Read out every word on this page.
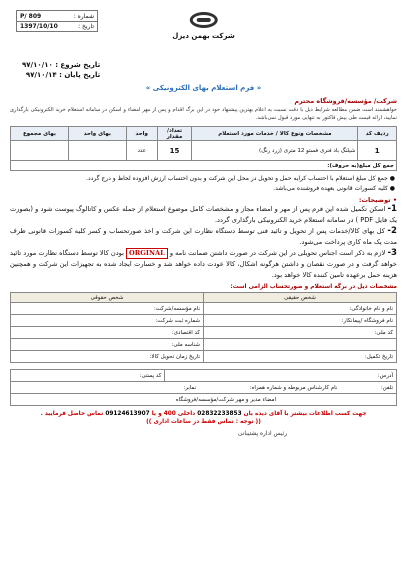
شماره :
P/ 809
تاریخ :
1397/10/10
شرکت بهمن دیزل
تاریخ شروع : ۹۷/۱۰/۱۰
تاریخ پایان : ۹۷/۱۰/۱۴
« فرم استعلام بهای الکترونیکی »
شرکت/ مؤسسه/فروشگاه محترم
خواهشمند است ضمن مطالعه شرایط ذیل با دقت نسبت به اعلام بهترین پیشنهاد خود در این برگ اقدام و پس از مهر امضاء و اسکن در سامانه استعلام خرید الکترونیکی بارگذاری نمایید، ارائه قیمت طی پیش فاکتور به تنهایی مورد قبول نمی‌باشد.
ردیف کد	مشخصات ونوع کالا / خدمات مورد استعلام	تعداد/ مقدار	واحد	بهای واحد	بهای مجموع
1	شیلنگ باد فنری فستو 12 متری (زرد رنگ)	15	عدد		
جمع کل مبلغ(به حروف):					
● جمع کل مبلغ استعلام با احتساب کرایه حمل و تحویل در محل این شرکت و بدون احتساب ارزش افزوده لحاظ و درج گردد.
● کلیه کسورات قانونی بعهده فروشنده می‌باشد.
• توضیحات:
1- اسکن تکمیل شده این فرم پس از مهر و امضاء مجاز و مشخصات کامل موضوع استعلام از جمله عکس و کاتالوگ پیوست شود و (بصورت یک فایل PDF ) در سامانه استعلام خرید الکترونیکی بارگذاری گردد.
2- کل بهای کالا/خدمات پس از تحویل و تائید فنی توسط دستگاه نظارت این شرکت و اخذ صورتحساب و کسر کلیه کسورات قانونی ظرف مدت یک ماه کاری پرداخت می‌شود.
3- لازم به ذکر است اجناس تحویلی در این شرکت در صورت داشتن ضمانت نامه و ORGINAL بودن کالا توسط دستگاه نظارت مورد تائید خواهد گرفت و در صورت نقصان و داشتن هرگونه اشکال، کالا عودت داده خواهد شد و خسارت ایجاد شده به تجهیزات این شرکت و همچنین هزینه حمل برعهده تامین کننده کالا خواهد بود.
مشخصات ذیل در برگه استعلام و صورتحساب الزامی است:
شخص حقیقی	شخص حقوقی
نام و نام خانوادگی:	نام مؤسسه/شرکت:
نام فروشگاه /پیمانکار:	شماره ثبت شرکت:
کد ملی:	کد اقتصادی:
	شناسه ملی:
تاریخ تکمیل:	تاریخ زمان تحویل کالا:
آدرس:	کد پستی:
تلفن:  نام کارشناس مربوطه و شماره همراه:  نمابر:
امضاء مدیر و مهر شرکت/مؤسسه/فروشگاه
جهت کسب اطلاعات بیشتر با آقای دیده بان 02832233853 داخلی 400 و یا 09124613907 تماس حاصل فرمایید .
(( توجه : تماس فقط در ساعات اداری ))
رئیس اداره پشتیبانی
